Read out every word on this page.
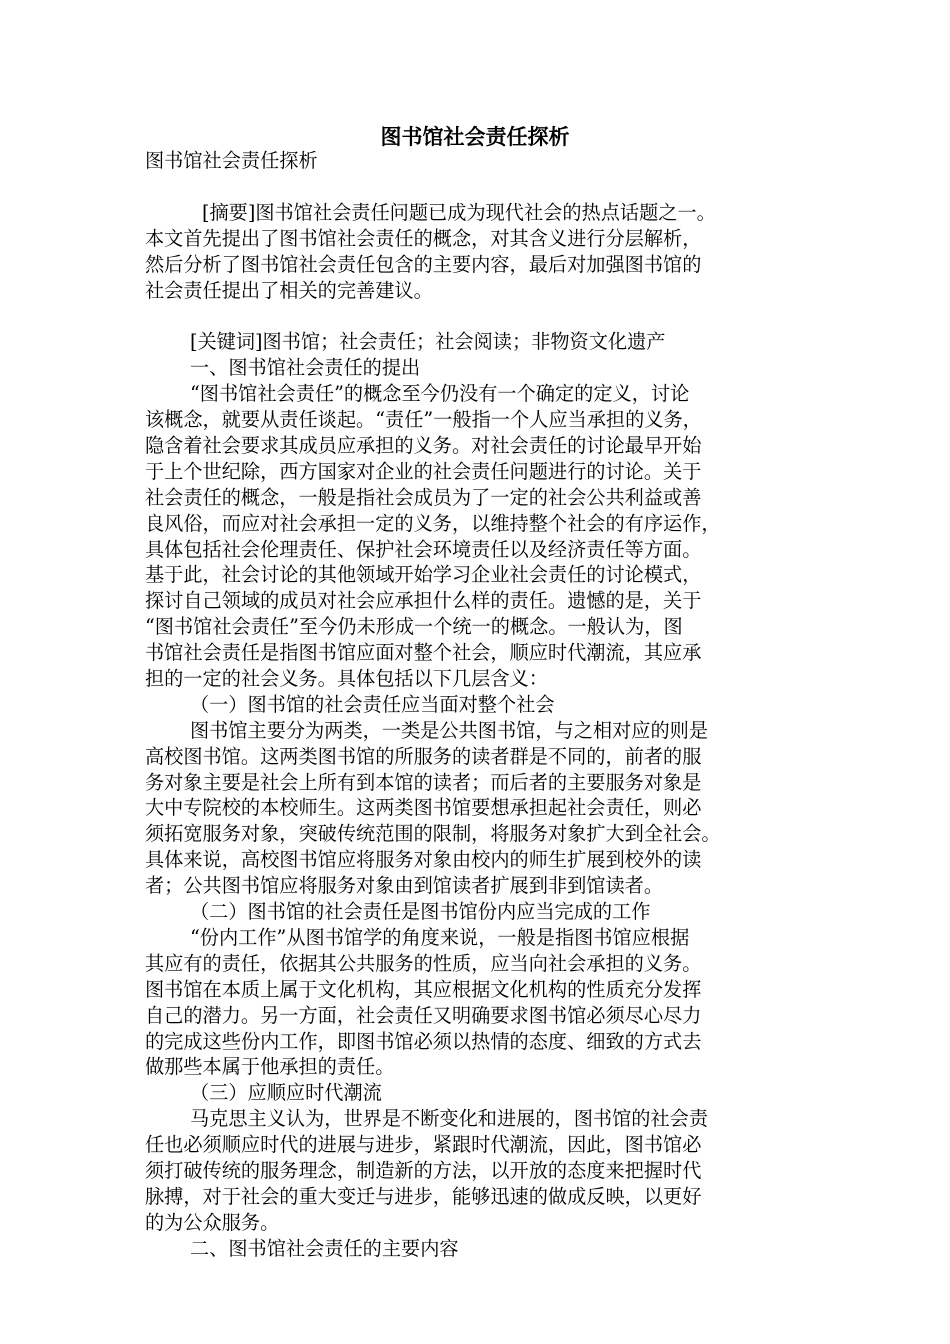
图书馆社会责任探析
图书馆社会责任探析
[摘要]图书馆社会责任问题已成为现代社会的热点话题之一。
本文首先提出了图书馆社会责任的概念，对其含义进行分层解析，
然后分析了图书馆社会责任包含的主要内容，最后对加强图书馆的
社会责任提出了相关的完善建议。
[关键词]图书馆；社会责任；社会阅读；非物资文化遗产
一、图书馆社会责任的提出
“图书馆社会责任”的概念至今仍没有一个确定的定义，讨论
该概念，就要从责任谈起。“责任”一般指一个人应当承担的义务，
隐含着社会要求其成员应承担的义务。对社会责任的讨论最早开始
于上个世纪除，西方国家对企业的社会责任问题进行的讨论。关于
社会责任的概念，一般是指社会成员为了一定的社会公共利益或善
良风俗，而应对社会承担一定的义务，以维持整个社会的有序运作，
具体包括社会伦理责任、保护社会环境责任以及经济责任等方面。
基于此，社会讨论的其他领域开始学习企业社会责任的讨论模式，
探讨自己领域的成员对社会应承担什么样的责任。遗憾的是，关于
“图书馆社会责任”至今仍未形成一个统一的概念。一般认为，图
书馆社会责任是指图书馆应面对整个社会，顺应时代潮流，其应承
担的一定的社会义务。具体包括以下几层含义：
（一）图书馆的社会责任应当面对整个社会
图书馆主要分为两类，一类是公共图书馆，与之相对应的则是
高校图书馆。这两类图书馆的所服务的读者群是不同的，前者的服
务对象主要是社会上所有到本馆的读者；而后者的主要服务对象是
大中专院校的本校师生。这两类图书馆要想承担起社会责任，则必
须拓宽服务对象，突破传统范围的限制，将服务对象扩大到全社会。
具体来说，高校图书馆应将服务对象由校内的师生扩展到校外的读
者；公共图书馆应将服务对象由到馆读者扩展到非到馆读者。
（二）图书馆的社会责任是图书馆份内应当完成的工作
“份内工作”从图书馆学的角度来说，一般是指图书馆应根据
其应有的责任，依据其公共服务的性质，应当向社会承担的义务。
图书馆在本质上属于文化机构，其应根据文化机构的性质充分发挥
自己的潜力。另一方面，社会责任又明确要求图书馆必须尽心尽力
的完成这些份内工作，即图书馆必须以热情的态度、细致的方式去
做那些本属于他承担的责任。
（三）应顺应时代潮流
马克思主义认为，世界是不断变化和进展的，图书馆的社会责
任也必须顺应时代的进展与进步，紧跟时代潮流，因此，图书馆必
须打破传统的服务理念，制造新的方法，以开放的态度来把握时代
脉搏，对于社会的重大变迁与进步，能够迅速的做成反映，以更好
的为公众服务。
二、图书馆社会责任的主要内容
